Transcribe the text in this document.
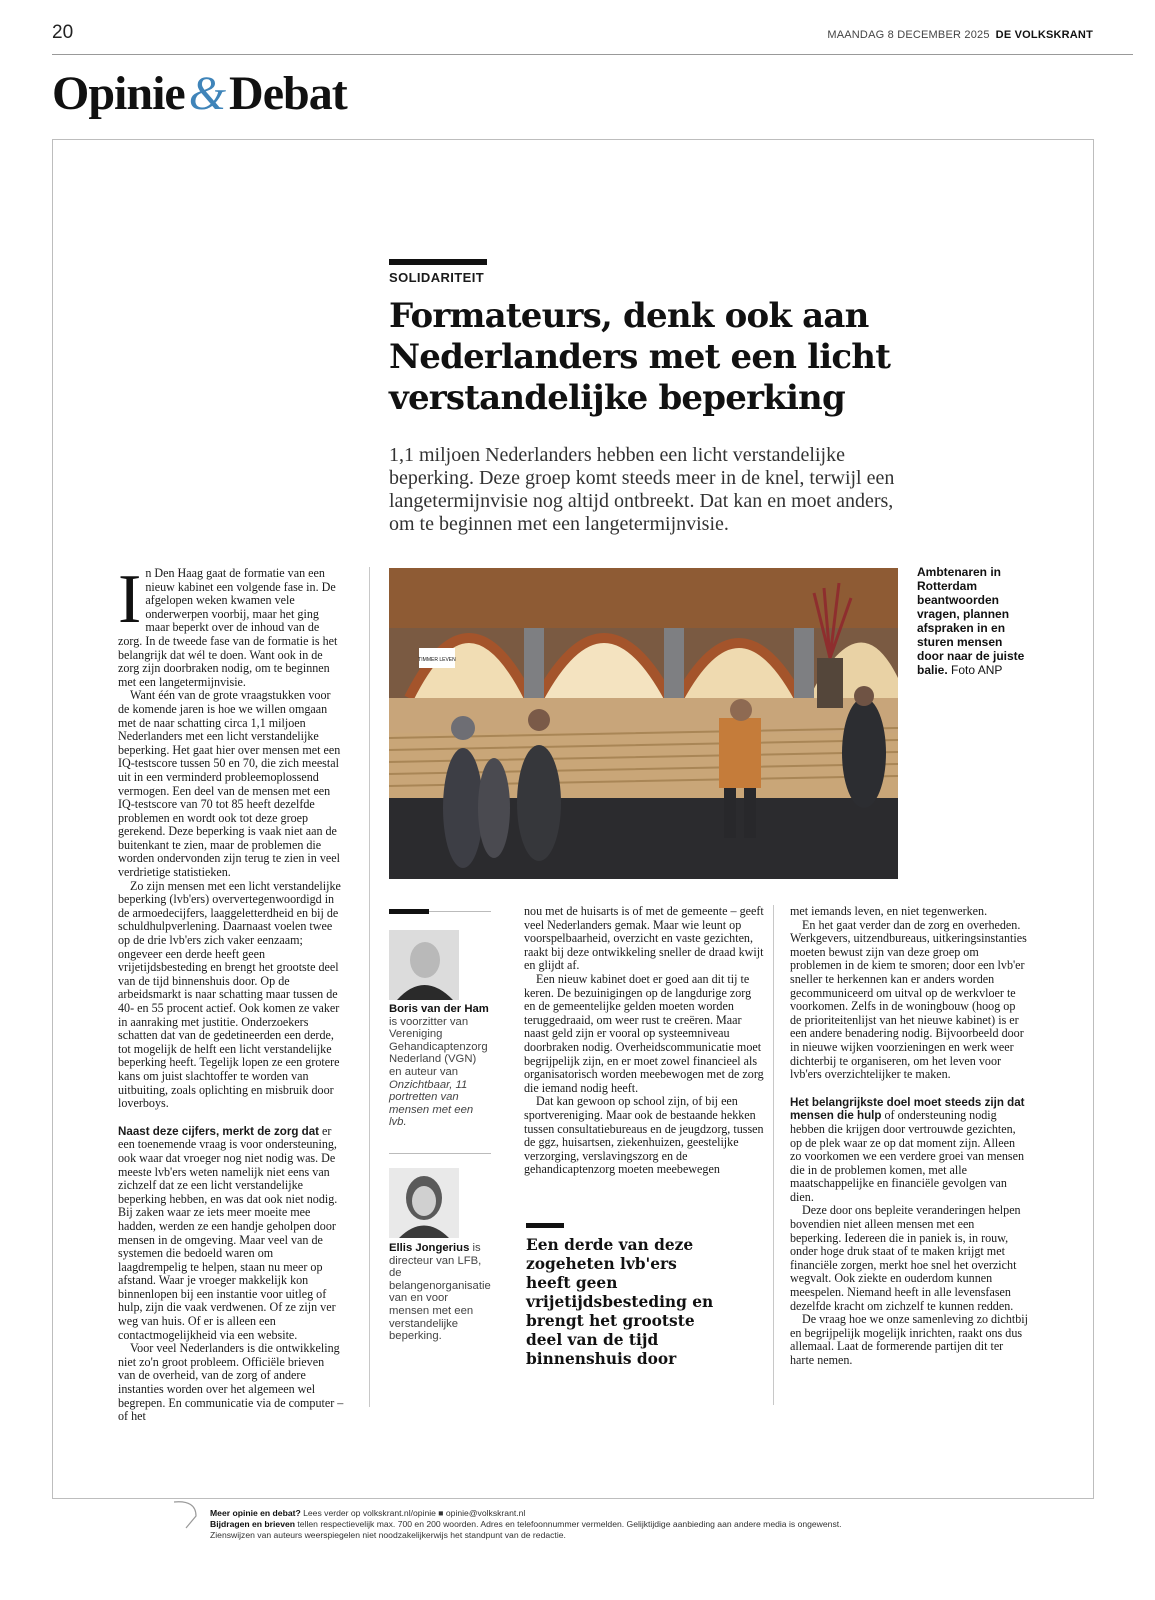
20	MAANDAG 8 DECEMBER 2025 DE VOLKSKRANT
Opinie&Debat
SOLIDARITEIT
Formateurs, denk ook aan Nederlanders met een licht verstandelijke beperking

1,1 miljoen Nederlanders hebben een licht verstandelijke beperking. Deze groep komt steeds meer in de knel, terwijl een langetermijnvisie nog altijd ontbreekt. Dat kan en moet anders, om te beginnen met een langetermijnvisie.

In Den Haag gaat de formatie van een nieuw kabinet een volgende fase in. De afgelopen weken kwamen vele onderwerpen voorbij, maar het ging maar beperkt over de inhoud van de zorg. In de tweede fase van de formatie is het belangrijk dat wél te doen. Want ook in de zorg zijn doorbraken nodig, om te beginnen met een langetermijnvisie.

Want één van de grote vraagstukken voor de komende jaren is hoe we willen omgaan met de naar schatting circa 1,1 miljoen Nederlanders met een licht verstandelijke beperking. Het gaat hier over mensen met een IQ-testscore tussen 50 en 70, die zich meestal uit in een verminderd probleemoplossend vermogen. Een deel van de mensen met een IQ-testscore van 70 tot 85 heeft dezelfde problemen en wordt ook tot deze groep gerekend. Deze beperking is vaak niet aan de buitenkant te zien, maar de problemen die worden ondervonden zijn terug te zien in veel verdrietige statistieken.

Zo zijn mensen met een licht verstandelijke beperking (lvb'ers) oververtegenwoordigd in de armoedecijfers, laaggeletterdheid en bij de schuldhulpverlening. Daarnaast voelen twee op de drie lvb'ers zich vaker eenzaam; ongeveer een derde heeft geen vrijetijdsbesteding en brengt het grootste deel van de tijd binnenshuis door. Op de arbeidsmarkt is naar schatting maar tussen de 40- en 55 procent actief. Ook komen ze vaker in aanraking met justitie. Onderzoekers schatten dat van de gedetineerden een derde, tot mogelijk de helft een licht verstandelijke beperking heeft. Tegelijk lopen ze een grotere kans om juist slachtoffer te worden van uitbuiting, zoals oplichting en misbruik door loverboys.

Naast deze cijfers, merkt de zorg dat er een toenemende vraag is voor ondersteuning, ook waar dat vroeger nog niet nodig was. De meeste lvb'ers weten namelijk niet eens van zichzelf dat ze een licht verstandelijke beperking hebben, en was dat ook niet nodig. Bij zaken waar ze iets meer moeite mee hadden, werden ze een handje geholpen door mensen in de omgeving. Maar veel van de systemen die bedoeld waren om laagdrempelig te helpen, staan nu meer op afstand. Waar je vroeger makkelijk kon binnenlopen bij een instantie voor uitleg of hulp, zijn die vaak verdwenen. Of ze zijn ver weg van huis. Of er is alleen een contactmogelijkheid via een website.

Voor veel Nederlanders is die ontwikkeling niet zo'n groot probleem. Officiële brieven van de overheid, van de zorg of andere instanties worden over het algemeen wel begrepen. En communicatie via de computer – of het

TIMMER LEVEN
Ambtenaren in Rotterdam beantwoorden vragen, plannen afspraken in en sturen mensen door naar de juiste balie. Foto ANP
Boris van der Ham is voorzitter van Vereniging Gehandicaptenzorg Nederland (VGN) en auteur van Onzichtbaar, 11 portretten van mensen met een lvb.
Ellis Jongerius is directeur van LFB, de belangenorganisatie van en voor mensen met een verstandelijke beperking.

nou met de huisarts is of met de gemeente – geeft veel Nederlanders gemak. Maar wie leunt op voorspelbaarheid, overzicht en vaste gezichten, raakt bij deze ontwikkeling sneller de draad kwijt en glijdt af.

Een nieuw kabinet doet er goed aan dit tij te keren. De bezuinigingen op de langdurige zorg en de gemeentelijke gelden moeten worden teruggedraaid, om weer rust te creëren. Maar naast geld zijn er vooral op systeemniveau doorbraken nodig. Overheidscommunicatie moet begrijpelijk zijn, en er moet zowel financieel als organisatorisch worden meebewogen met de zorg die iemand nodig heeft.

Dat kan gewoon op school zijn, of bij een sportvereniging. Maar ook de bestaande hekken tussen consultatiebureaus en de jeugdzorg, tussen de ggz, huisartsen, ziekenhuizen, geestelijke verzorging, verslavingszorg en de gehandicaptenzorg moeten meebewegen

Een derde van deze zogeheten lvb'ers heeft geen vrijetijdsbesteding en brengt het grootste deel van de tijd binnenshuis door

met iemands leven, en niet tegenwerken.

En het gaat verder dan de zorg en overheden. Werkgevers, uitzendbureaus, uitkeringsinstanties moeten bewust zijn van deze groep om problemen in de kiem te smoren; door een lvb'er sneller te herkennen kan er anders worden gecommuniceerd om uitval op de werkvloer te voorkomen. Zelfs in de woningbouw (hoog op de prioriteitenlijst van het nieuwe kabinet) is er een andere benadering nodig. Bijvoorbeeld door in nieuwe wijken voorzieningen en werk weer dichterbij te organiseren, om het leven voor lvb'ers overzichtelijker te maken.

Het belangrijkste doel moet steeds zijn dat mensen die hulp of ondersteuning nodig hebben die krijgen door vertrouwde gezichten, op de plek waar ze op dat moment zijn. Alleen zo voorkomen we een verdere groei van mensen die in de problemen komen, met alle maatschappelijke en financiële gevolgen van dien.

Deze door ons bepleite veranderingen helpen bovendien niet alleen mensen met een beperking. Iedereen die in paniek is, in rouw, onder hoge druk staat of te maken krijgt met financiële zorgen, merkt hoe snel het overzicht wegvalt. Ook ziekte en ouderdom kunnen meespelen. Niemand heeft in alle levensfasen dezelfde kracht om zichzelf te kunnen redden.

De vraag hoe we onze samenleving zo dichtbij en begrijpelijk mogelijk inrichten, raakt ons dus allemaal. Laat de formerende partijen dit ter harte nemen.

Meer opinie en debat? Lees verder op volkskrant.nl/opinie ■ opinie@volkskrant.nl
Bijdragen en brieven tellen respectievelijk max. 700 en 200 woorden. Adres en telefoonnummer vermelden. Gelijktijdige aanbieding aan andere media is ongewenst.
Zienswijzen van auteurs weerspiegelen niet noodzakelijkerwijs het standpunt van de redactie.
